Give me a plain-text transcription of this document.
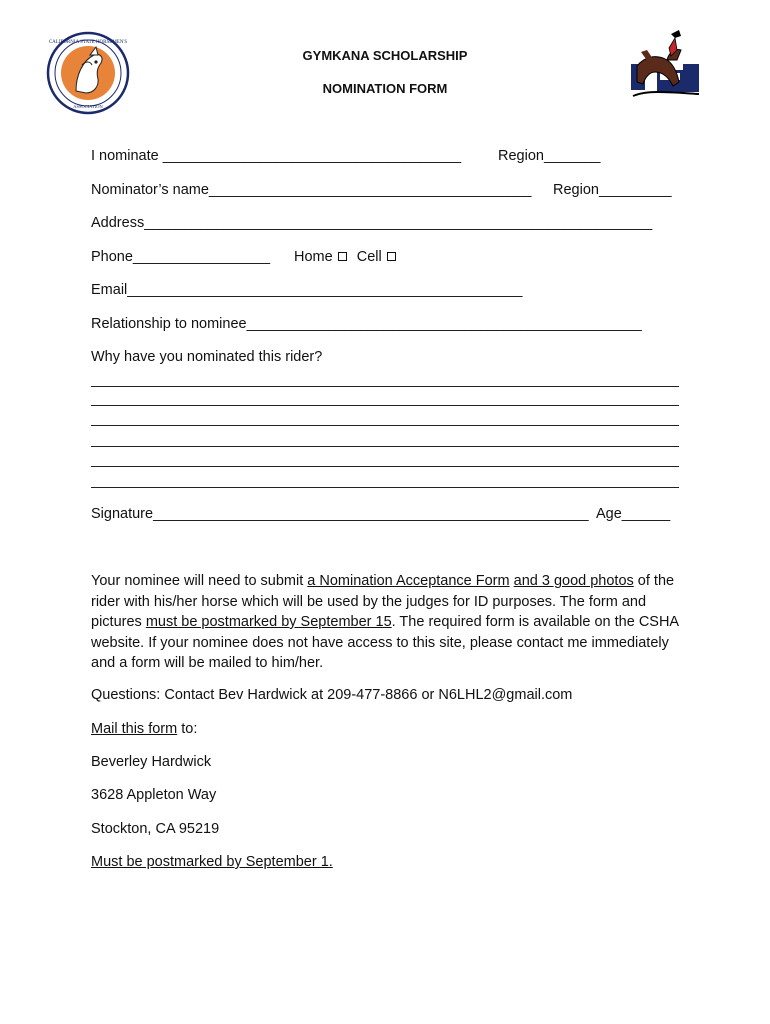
CALIFORNIA STATE HORSEMEN'S
ASSOCIATION
GYMKANA SCHOLARSHIP
NOMINATION FORM
I nominate _____________________________________	Region_______
Nominator’s name________________________________________ Region_________
Address_______________________________________________________________
Phone_________________ Home Cell
Email_________________________________________________
Relationship to nominee_________________________________________________
Why have you nominated this rider?
Signature______________________________________________________ Age______
Your nominee will need to submit a Nomination Acceptance Form and 3 good photos of the rider with his/her horse which will be used by the judges for ID purposes. The form and pictures must be postmarked by September 15. The required form is available on the CSHA website. If your nominee does not have access to this site, please contact me immediately and a form will be mailed to him/her.
Questions: Contact Bev Hardwick at 209-477-8866 or N6LHL2@gmail.com
Mail this form to:
Beverley Hardwick
3628 Appleton Way
Stockton, CA 95219
Must be postmarked by September 1.
